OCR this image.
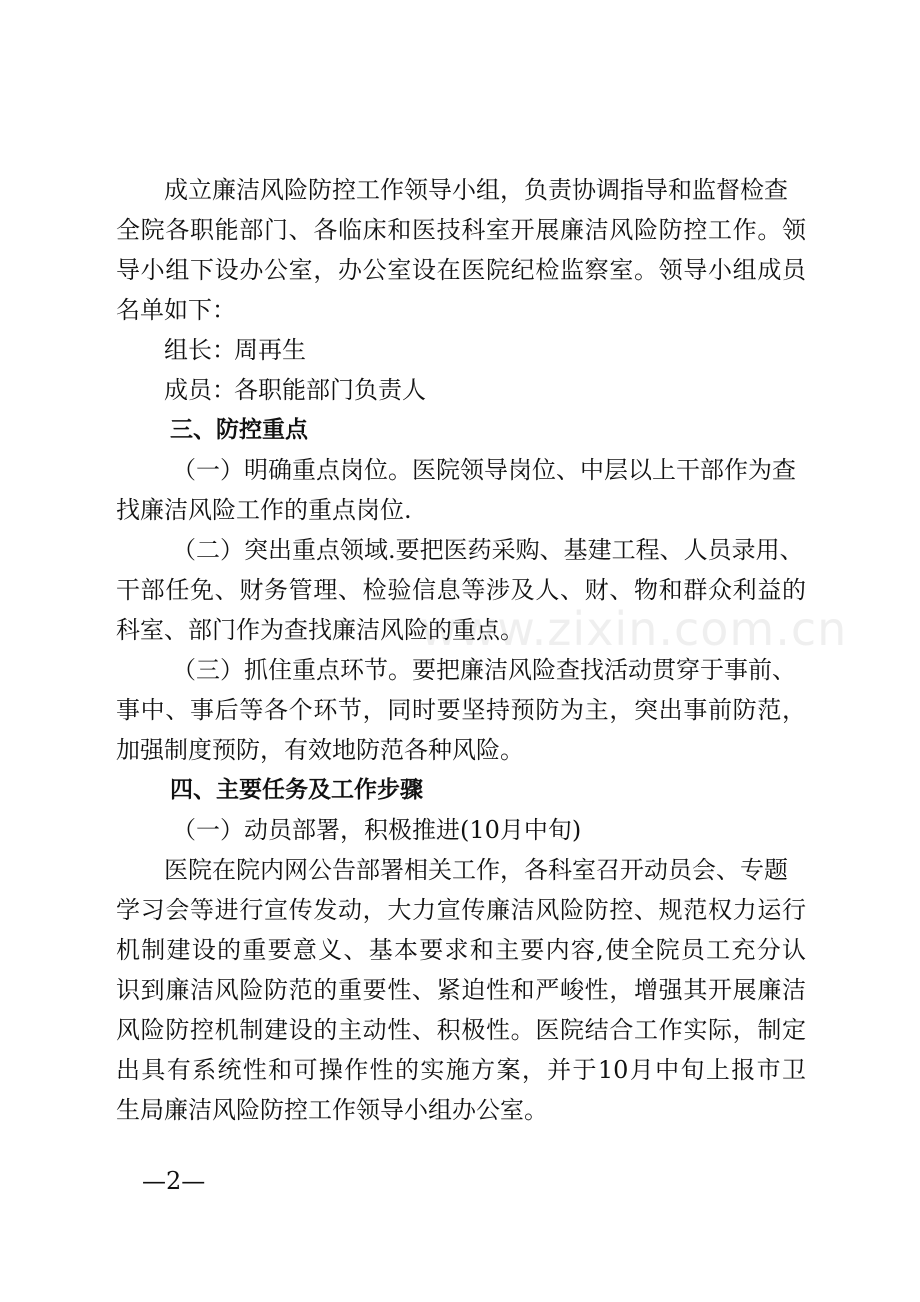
www.zixin.com.cn
成立廉洁风险防控工作领导小组，负责协调指导和监督检查
全院各职能部门、各临床和医技科室开展廉洁风险防控工作。领
导小组下设办公室，办公室设在医院纪检监察室。领导小组成员
名单如下：
组长：周再生
成员：各职能部门负责人
三、防控重点
（一）明确重点岗位。医院领导岗位、中层以上干部作为查
找廉洁风险工作的重点岗位.
（二）突出重点领域.要把医药采购、基建工程、人员录用、
干部任免、财务管理、检验信息等涉及人、财、物和群众利益的
科室、部门作为查找廉洁风险的重点。
（三）抓住重点环节。要把廉洁风险查找活动贯穿于事前、
事中、事后等各个环节，同时要坚持预防为主，突出事前防范，
加强制度预防，有效地防范各种风险。
四、主要任务及工作步骤
（一）动员部署，积极推进(10月中旬)
医院在院内网公告部署相关工作，各科室召开动员会、专题
学习会等进行宣传发动，大力宣传廉洁风险防控、规范权力运行
机制建设的重要意义、基本要求和主要内容,使全院员工充分认
识到廉洁风险防范的重要性、紧迫性和严峻性，增强其开展廉洁
风险防控机制建设的主动性、积极性。医院结合工作实际，制定
出具有系统性和可操作性的实施方案，并于10月中旬上报市卫
生局廉洁风险防控工作领导小组办公室。
—2—
